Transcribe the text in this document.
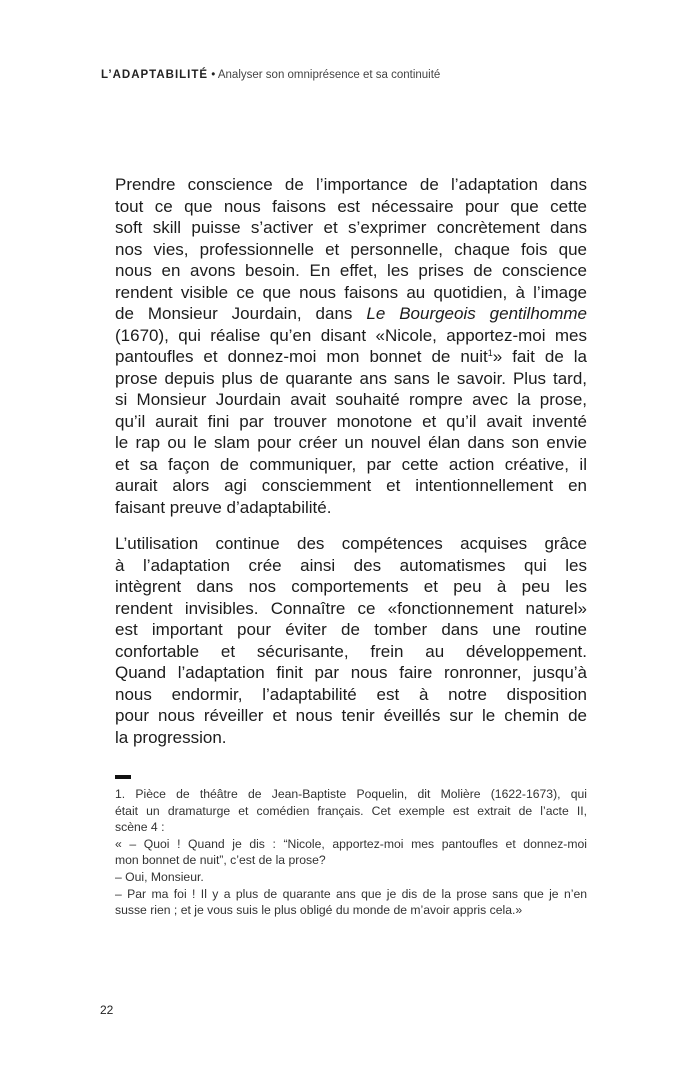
L’ADAPTABILITÉ • Analyser son omniprésence et sa continuité
Prendre conscience de l’importance de l’adaptation dans
tout ce que nous faisons est nécessaire pour que cette
soft skill puisse s’activer et s’exprimer concrètement dans
nos vies, professionnelle et personnelle, chaque fois que
nous en avons besoin. En effet, les prises de conscience
rendent visible ce que nous faisons au quotidien, à l’image
de Monsieur Jourdain, dans Le Bourgeois gentilhomme
(1670), qui réalise qu’en disant «Nicole, apportez-moi mes
pantoufles et donnez-moi mon bonnet de nuit$^1$» fait de la
prose depuis plus de quarante ans sans le savoir. Plus tard,
si Monsieur Jourdain avait souhaité rompre avec la prose,
qu’il aurait fini par trouver monotone et qu’il avait inventé
le rap ou le slam pour créer un nouvel élan dans son envie
et sa façon de communiquer, par cette action créative, il
aurait alors agi consciemment et intentionnellement en
faisant preuve d’adaptabilité.
L’utilisation continue des compétences acquises grâce
à l’adaptation crée ainsi des automatismes qui les
intègrent dans nos comportements et peu à peu les
rendent invisibles. Connaître ce «fonctionnement naturel»
est important pour éviter de tomber dans une routine
confortable et sécurisante, frein au développement.
Quand l’adaptation finit par nous faire ronronner, jusqu’à
nous endormir, l’adaptabilité est à notre disposition
pour nous réveiller et nous tenir éveillés sur le chemin de
la progression.
1. Pièce de théâtre de Jean-Baptiste Poquelin, dit Molière (1622-1673), qui
était un dramaturge et comédien français. Cet exemple est extrait de l’acte II,
scène 4 :
« – Quoi ! Quand je dis : “Nicole, apportez-moi mes pantoufles et donnez-moi
mon bonnet de nuit”, c’est de la prose?
– Oui, Monsieur.
– Par ma foi ! Il y a plus de quarante ans que je dis de la prose sans que je n’en
susse rien ; et je vous suis le plus obligé du monde de m’avoir appris cela.»
22
